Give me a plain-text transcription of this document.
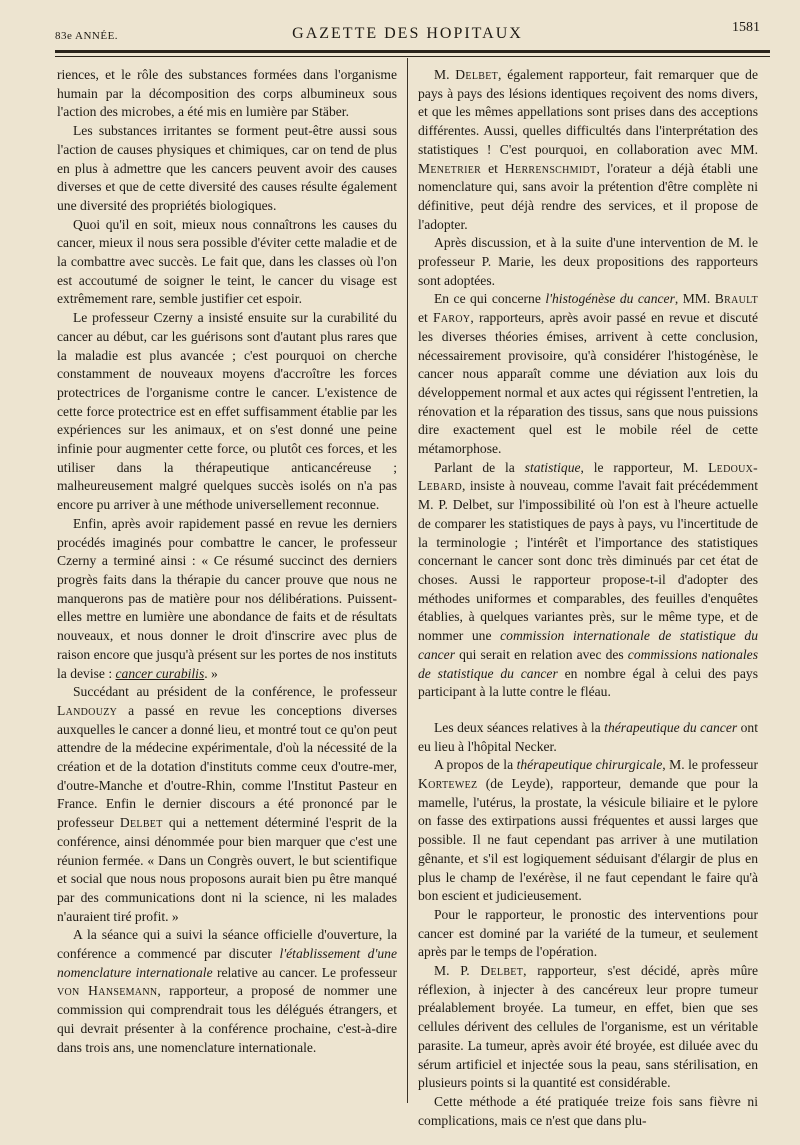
83e ANNÉE.	GAZETTE DES HOPITAUX	1581

riences, et le rôle des substances formées dans l'organisme humain par la décomposition des corps albumineux sous l'action des microbes, a été mis en lumière par Stäber.

Les substances irritantes se forment peut-être aussi sous l'action de causes physiques et chimiques, car on tend de plus en plus à admettre que les cancers peuvent avoir des causes diverses et que de cette diversité des causes résulte également une diversité des propriétés biologiques.

Quoi qu'il en soit, mieux nous connaîtrons les causes du cancer, mieux il nous sera possible d'éviter cette maladie et de la combattre avec succès. Le fait que, dans les classes où l'on est accoutumé de soigner le teint, le cancer du visage est extrêmement rare, semble justifier cet espoir.

Le professeur Czerny a insisté ensuite sur la curabilité du cancer au début, car les guérisons sont d'autant plus rares que la maladie est plus avancée ; c'est pourquoi on cherche constamment de nouveaux moyens d'accroître les forces protectrices de l'organisme contre le cancer. L'existence de cette force protectrice est en effet suffisamment établie par les expériences sur les animaux, et on s'est donné une peine infinie pour augmenter cette force, ou plutôt ces forces, et les utiliser dans la thérapeutique anticancéreuse ; malheureusement malgré quelques succès isolés on n'a pas encore pu arriver à une méthode universellement reconnue.

Enfin, après avoir rapidement passé en revue les derniers procédés imaginés pour combattre le cancer, le professeur Czerny a terminé ainsi : « Ce résumé succinct des derniers progrès faits dans la thérapie du cancer prouve que nous ne manquerons pas de matière pour nos délibérations. Puissent-elles mettre en lumière une abondance de faits et de résultats nouveaux, et nous donner le droit d'inscrire avec plus de raison encore que jusqu'à présent sur les portes de nos instituts la devise : cancer curabilis. »

Succédant au président de la conférence, le professeur Landouzy a passé en revue les conceptions diverses auxquelles le cancer a donné lieu, et montré tout ce qu'on peut attendre de la médecine expérimentale, d'où la nécessité de la création et de la dotation d'instituts comme ceux d'outre-mer, d'outre-Manche et d'outre-Rhin, comme l'Institut Pasteur en France. Enfin le dernier discours a été prononcé par le professeur Delbet qui a nettement déterminé l'esprit de la conférence, ainsi dénommée pour bien marquer que c'est une réunion fermée. « Dans un Congrès ouvert, le but scientifique et social que nous nous proposons aurait bien pu être manqué par des communications dont ni la science, ni les malades n'auraient tiré profit. »

A la séance qui a suivi la séance officielle d'ouverture, la conférence a commencé par discuter l'établissement d'une nomenclature internationale relative au cancer. Le professeur von Hansemann, rapporteur, a proposé de nommer une commission qui comprendrait tous les délégués étrangers, et qui devrait présenter à la conférence prochaine, c'est-à-dire dans trois ans, une nomenclature internationale.

M. Delbet, également rapporteur, fait remarquer que de pays à pays des lésions identiques reçoivent des noms divers, et que les mêmes appellations sont prises dans des acceptions différentes. Aussi, quelles difficultés dans l'interprétation des statistiques ! C'est pourquoi, en collaboration avec MM. Menetrier et Herrenschmidt, l'orateur a déjà établi une nomenclature qui, sans avoir la prétention d'être complète ni définitive, peut déjà rendre des services, et il propose de l'adopter.

Après discussion, et à la suite d'une intervention de M. le professeur P. Marie, les deux propositions des rapporteurs sont adoptées.

En ce qui concerne l'histogénèse du cancer, MM. Brault et Faroy, rapporteurs, après avoir passé en revue et discuté les diverses théories émises, arrivent à cette conclusion, nécessairement provisoire, qu'à considérer l'histogénèse, le cancer nous apparaît comme une déviation aux lois du développement normal et aux actes qui régissent l'entretien, la rénovation et la réparation des tissus, sans que nous puissions dire exactement quel est le mobile réel de cette métamorphose.

Parlant de la statistique, le rapporteur, M. Ledoux-Lebard, insiste à nouveau, comme l'avait fait précédemment M. P. Delbet, sur l'impossibilité où l'on est à l'heure actuelle de comparer les statistiques de pays à pays, vu l'incertitude de la terminologie ; l'intérêt et l'importance des statistiques concernant le cancer sont donc très diminués par cet état de choses. Aussi le rapporteur propose-t-il d'adopter des méthodes uniformes et comparables, des feuilles d'enquêtes établies, à quelques variantes près, sur le même type, et de nommer une commission internationale de statistique du cancer qui serait en relation avec des commissions nationales de statistique du cancer en nombre égal à celui des pays participant à la lutte contre le fléau.

Les deux séances relatives à la thérapeutique du cancer ont eu lieu à l'hôpital Necker.

A propos de la thérapeutique chirurgicale, M. le professeur Kortewez (de Leyde), rapporteur, demande que pour la mamelle, l'utérus, la prostate, la vésicule biliaire et le pylore on fasse des extirpations aussi fréquentes et aussi larges que possible. Il ne faut cependant pas arriver à une mutilation gênante, et s'il est logiquement séduisant d'élargir de plus en plus le champ de l'exérèse, il ne faut cependant le faire qu'à bon escient et judicieusement.

Pour le rapporteur, le pronostic des interventions pour cancer est dominé par la variété de la tumeur, et seulement après par le temps de l'opération.

M. P. Delbet, rapporteur, s'est décidé, après mûre réflexion, à injecter à des cancéreux leur propre tumeur préalablement broyée. La tumeur, en effet, bien que ses cellules dérivent des cellules de l'organisme, est un véritable parasite. La tumeur, après avoir été broyée, est diluée avec du sérum artificiel et injectée sous la peau, sans stérilisation, en plusieurs points si la quantité est considérable.

Cette méthode a été pratiquée treize fois sans fièvre ni complications, mais ce n'est que dans plu-
